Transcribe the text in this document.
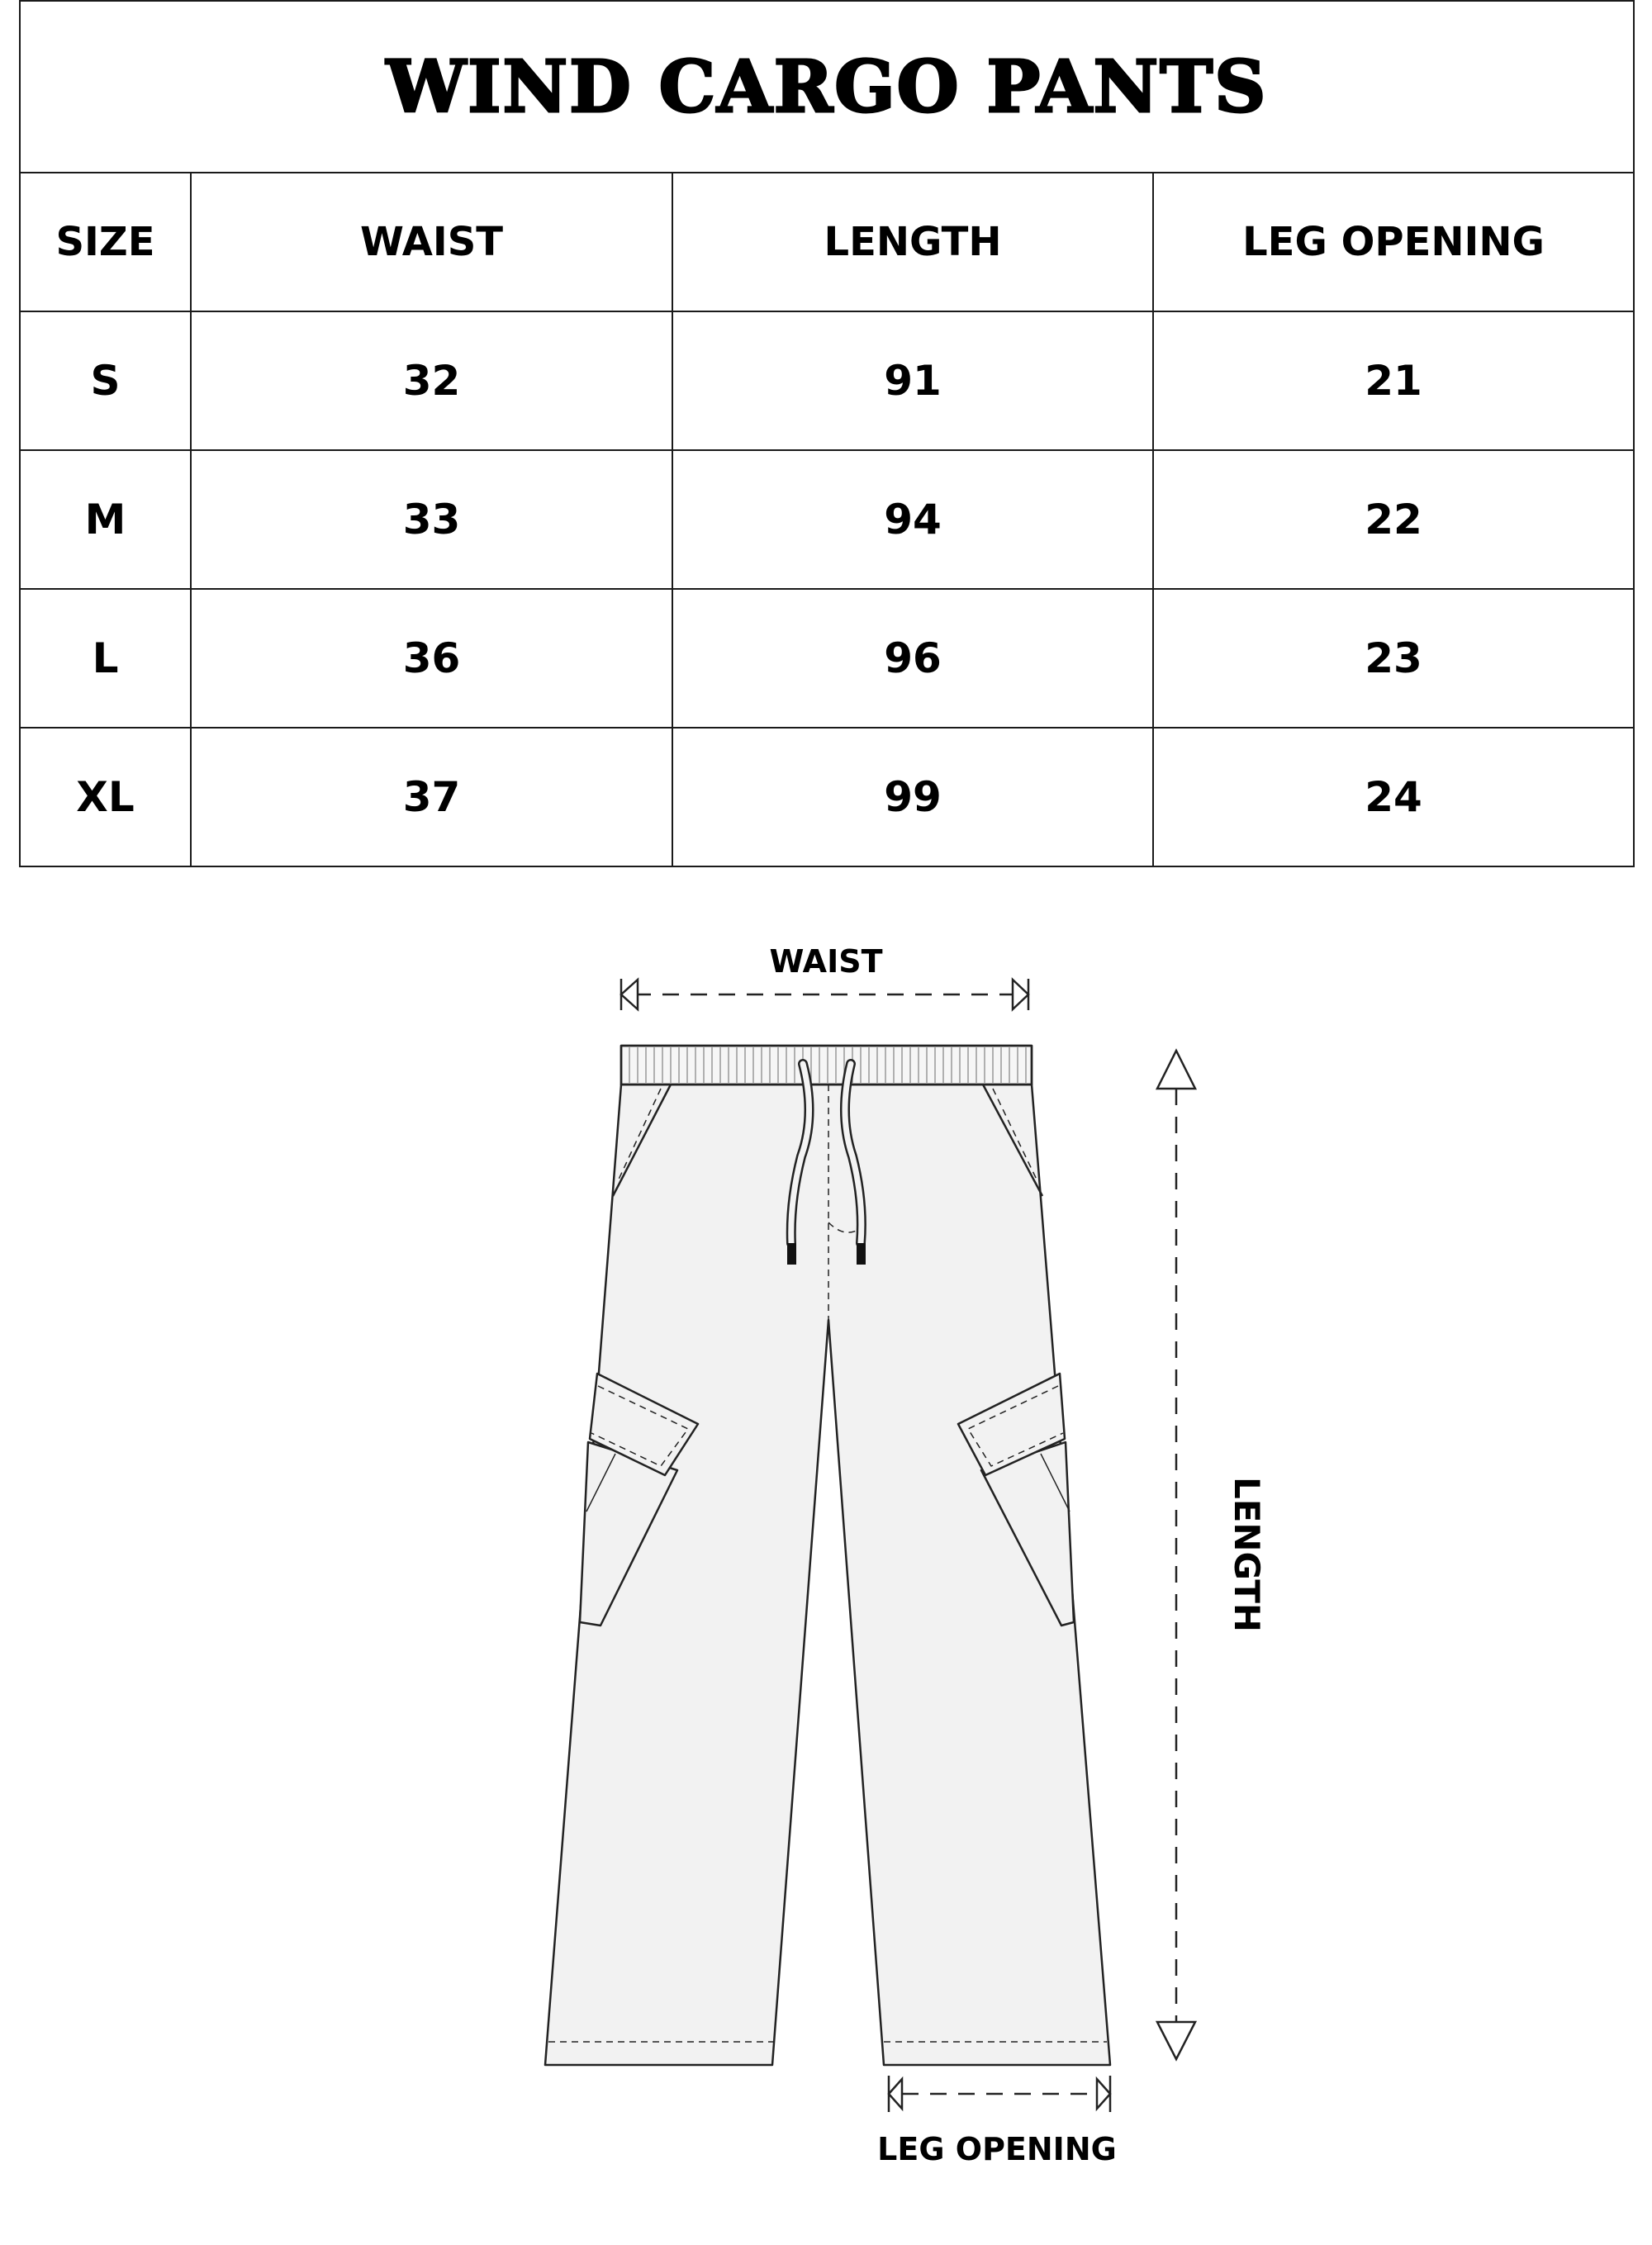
WIND CARGO PANTS			
SIZE	WAIST	LENGTH	LEG OPENING
S	32	91	21
M	33	94	22
L	36	96	23
XL	37	99	24
WAIST
LENGTH
LEG OPENING
